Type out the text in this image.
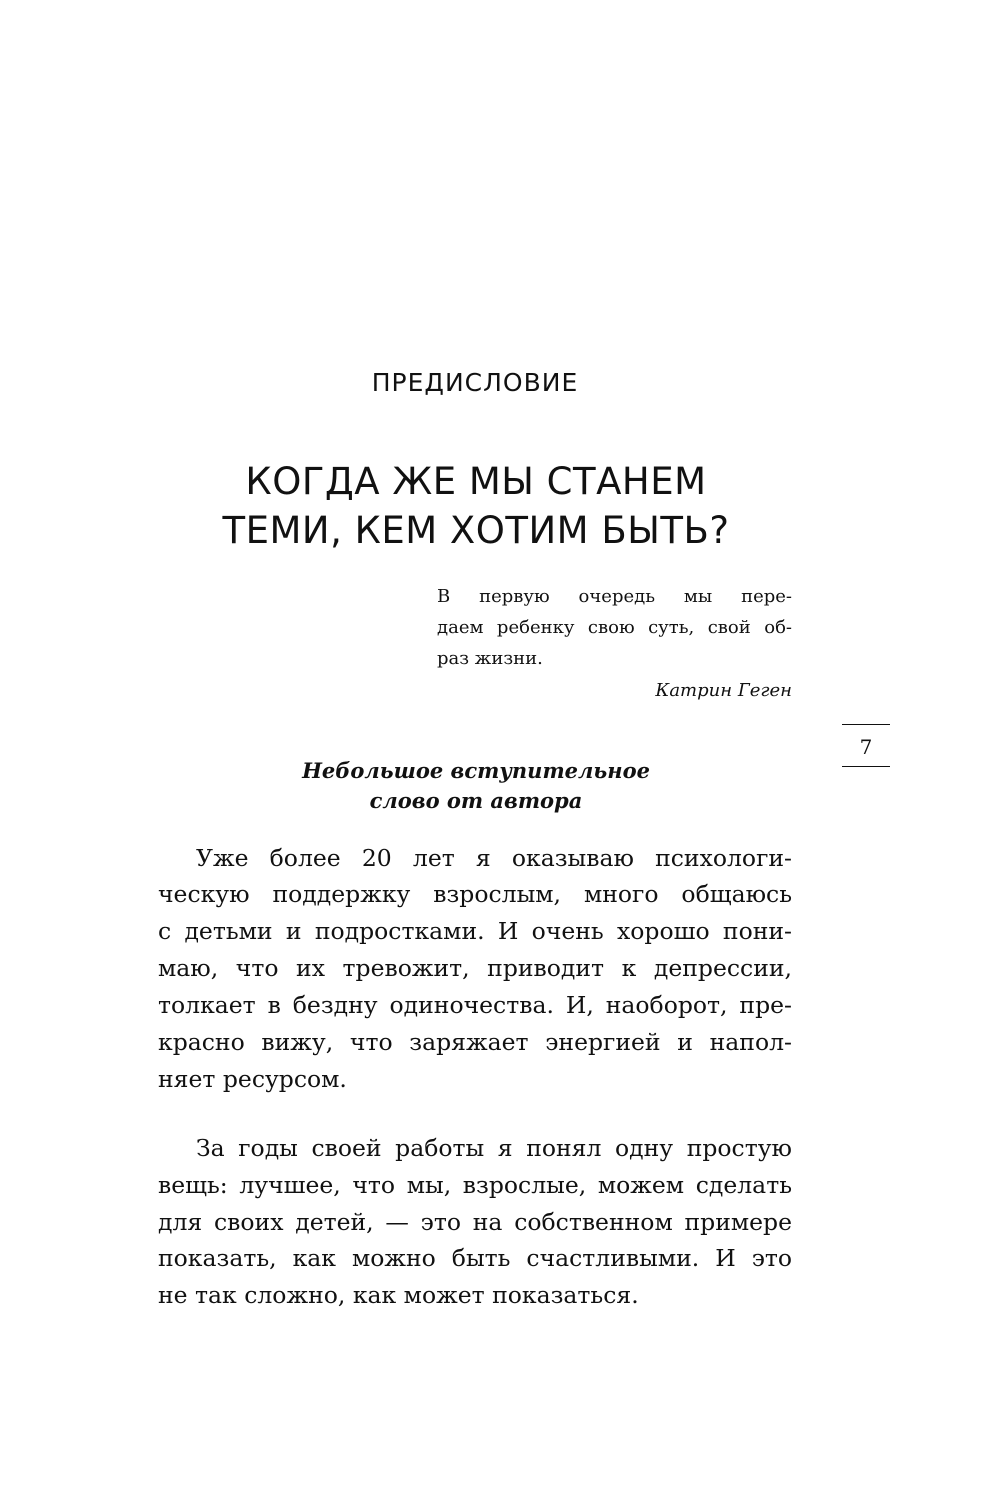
ПРЕДИСЛОВИЕ
КОГДА ЖЕ МЫ СТАНЕМ
ТЕМИ, КЕМ ХОТИМ БЫТЬ?
В первую очередь мы пере-
даем ребенку свою суть, свой об-
раз жизни.
Катрин Геген
7
Небольшое вступительное
слово от автора
Уже более 20 лет я оказываю психологи-
ческую поддержку взрослым, много общаюсь
с детьми и подростками. И очень хорошо пони-
маю, что их тревожит, приводит к депрессии,
толкает в бездну одиночества. И, наоборот, пре-
красно вижу, что заряжает энергией и напол-
няет ресурсом.
За годы своей работы я понял одну простую
вещь: лучшее, что мы, взрослые, можем сделать
для своих детей, — это на собственном примере
показать, как можно быть счастливыми. И это
не так сложно, как может показаться.
